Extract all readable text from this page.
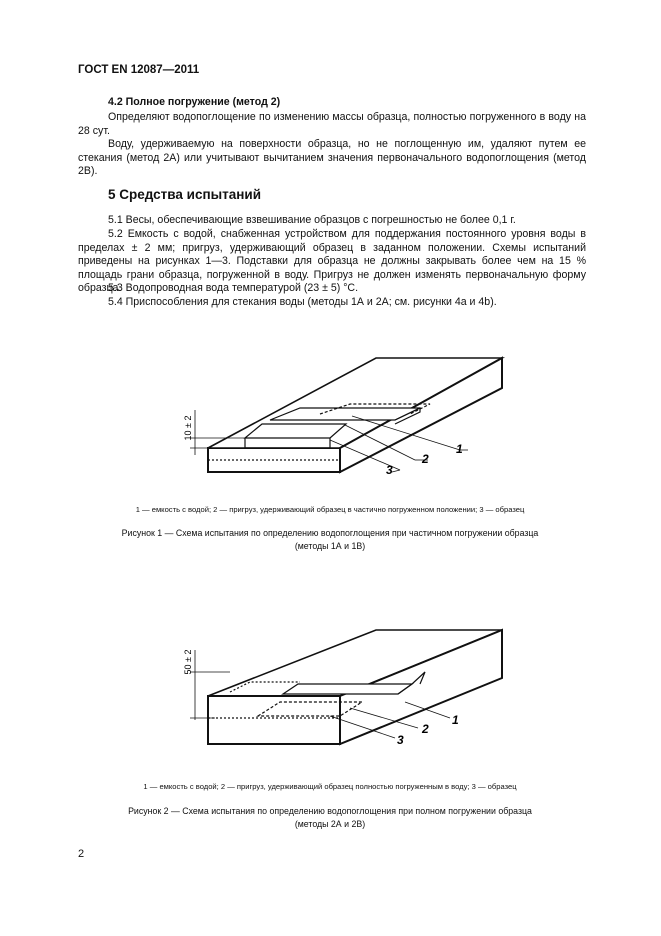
ГОСТ EN 12087—2011
4.2 Полное погружение (метод 2)
Определяют водопоглощение по изменению массы образца, полностью погруженного в воду на 28 сут.
Воду, удерживаемую на поверхности образца, но не поглощенную им, удаляют путем ее стекания (метод 2А) или учитывают вычитанием значения первоначального водопоглощения (метод 2В).
5 Средства испытаний
5.1 Весы, обеспечивающие взвешивание образцов с погрешностью не более 0,1 г.
5.2 Емкость с водой, снабженная устройством для поддержания постоянного уровня воды в пределах ± 2 мм; пригруз, удерживающий образец в заданном положении. Схемы испытаний приведены на рисунках 1—3. Подставки для образца не должны закрывать более чем на 15 % площадь грани образца, погруженной в воду. Пригруз не должен изменять первоначальную форму образца.
5.3 Водопроводная вода температурой (23 ± 5) °С.
5.4 Приспособления для стекания воды (методы 1А и 2А; см. рисунки 4а и 4b).
10 ± 2
1
2
3
1 — емкость с водой; 2 — пригруз, удерживающий образец в частично погруженном положении; 3 — образец
Рисунок 1 — Схема испытания по определению водопоглощения при частичном погружении образца
(методы 1А и 1В)
50 ± 2
1
2
3
1 — емкость с водой; 2 — пригруз, удерживающий образец полностью погруженным в воду; 3 — образец
Рисунок 2 — Схема испытания по определению водопоглощения при полном погружении образца
(методы 2А и 2В)
2
